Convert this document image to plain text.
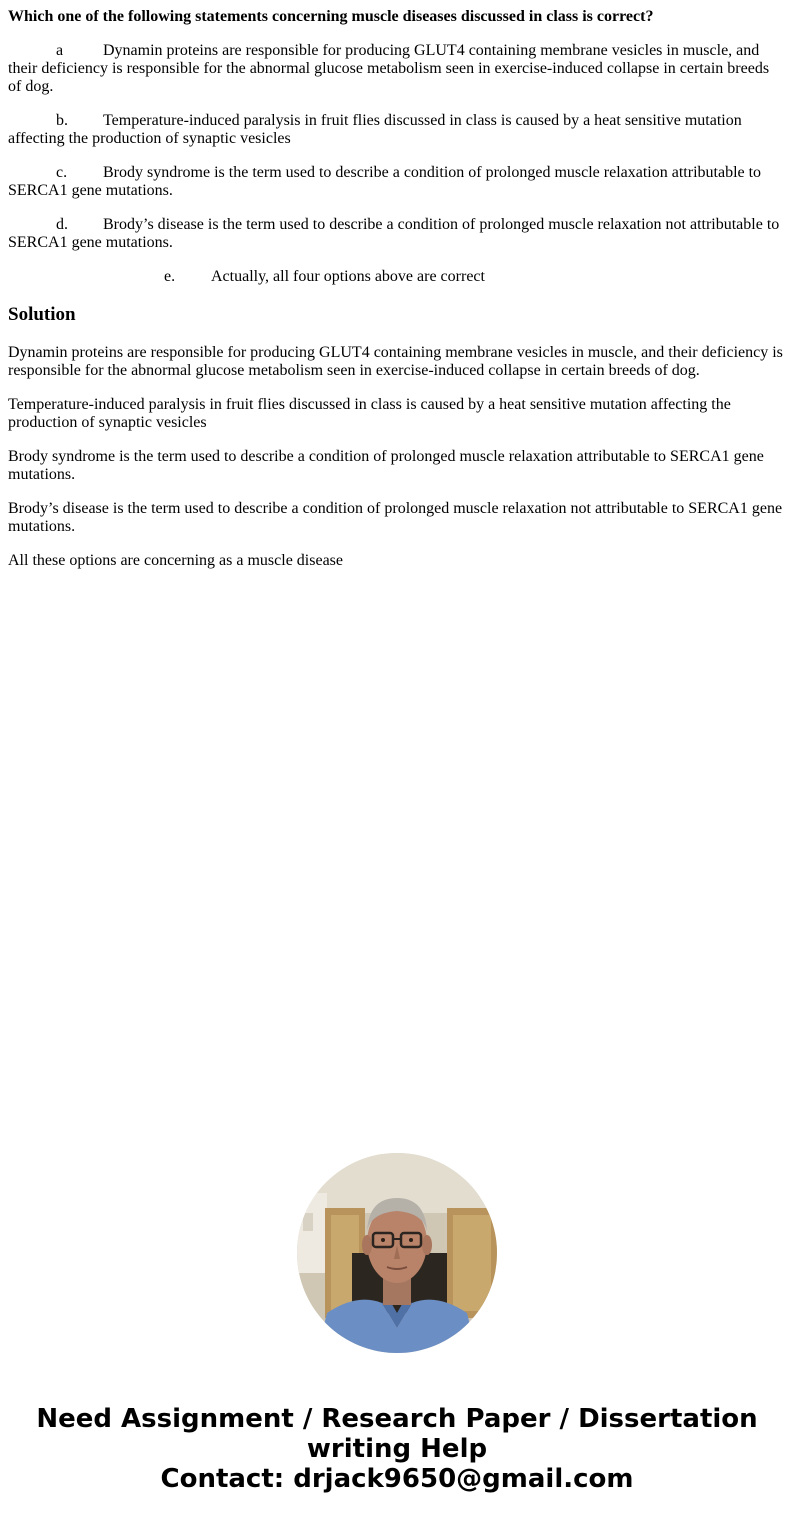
Which one of the following statements concerning muscle diseases discussed in class is correct?

a Dynamin proteins are responsible for producing GLUT4 containing membrane vesicles in muscle, and their deficiency is responsible for the abnormal glucose metabolism seen in exercise-induced collapse in certain breeds of dog.

b. Temperature-induced paralysis in fruit flies discussed in class is caused by a heat sensitive mutation affecting the production of synaptic vesicles

c. Brody syndrome is the term used to describe a condition of prolonged muscle relaxation attributable to SERCA1 gene mutations.

d. Brody’s disease is the term used to describe a condition of prolonged muscle relaxation not attributable to SERCA1 gene mutations.

e. Actually, all four options above are correct

Solution

Dynamin proteins are responsible for producing GLUT4 containing membrane vesicles in muscle, and their deficiency is responsible for the abnormal glucose metabolism seen in exercise-induced collapse in certain breeds of dog.

Temperature-induced paralysis in fruit flies discussed in class is caused by a heat sensitive mutation affecting the production of synaptic vesicles

Brody syndrome is the term used to describe a condition of prolonged muscle relaxation attributable to SERCA1 gene mutations.

Brody’s disease is the term used to describe a condition of prolonged muscle relaxation not attributable to SERCA1 gene mutations.

All these options are concerning as a muscle disease

Need Assignment / Research Paper / Dissertation
writing Help
Contact: drjack9650@gmail.com
